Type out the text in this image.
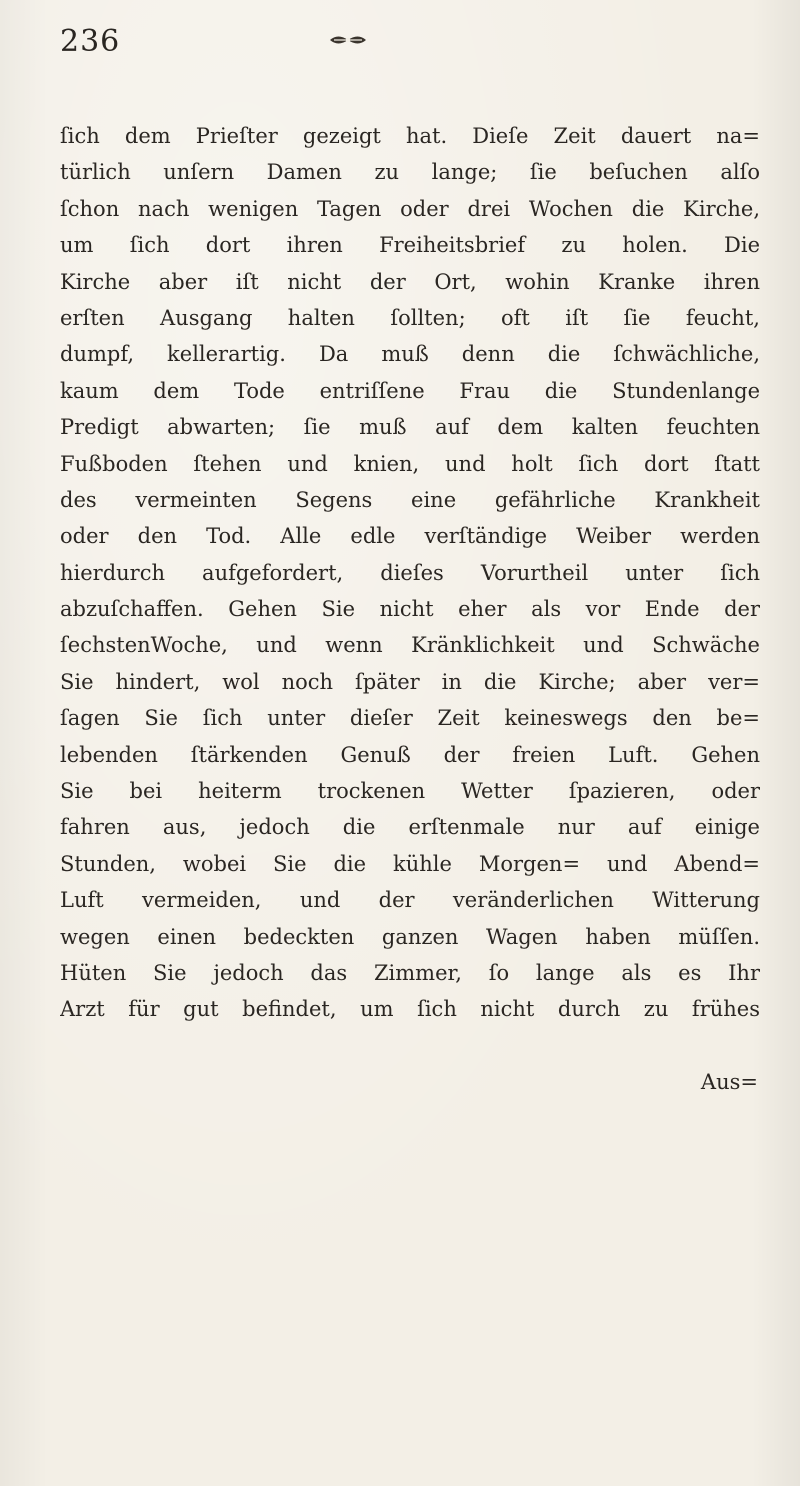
236
ſich dem Prieſter gezeigt hat. Dieſe Zeit dauert na=
türlich unſern Damen zu lange; ſie beſuchen alſo
ſchon nach wenigen Tagen oder drei Wochen die Kirche,
um ſich dort ihren Freiheitsbrief zu holen. Die
Kirche aber iſt nicht der Ort, wohin Kranke ihren
erſten Ausgang halten ſollten; oft iſt ſie feucht,
dumpf, kellerartig. Da muß denn die ſchwächliche,
kaum dem Tode entriſſene Frau die Stundenlange
Predigt abwarten; ſie muß auf dem kalten feuchten
Fußboden ſtehen und knien, und holt ſich dort ſtatt
des vermeinten Segens eine gefährliche Krankheit
oder den Tod. Alle edle verſtändige Weiber werden
hierdurch aufgefordert, dieſes Vorurtheil unter ſich
abzuſchaffen. Gehen Sie nicht eher als vor Ende der
ſechstenWoche, und wenn Kränklichkeit und Schwäche
Sie hindert, wol noch ſpäter in die Kirche; aber ver=
ſagen Sie ſich unter dieſer Zeit keineswegs den be=
lebenden ſtärkenden Genuß der freien Luft. Gehen
Sie bei heiterm trockenen Wetter ſpazieren, oder
fahren aus, jedoch die erſtenmale nur auf einige
Stunden, wobei Sie die kühle Morgen= und Abend=
Luft vermeiden, und der veränderlichen Witterung
wegen einen bedeckten ganzen Wagen haben müſſen.
Hüten Sie jedoch das Zimmer, ſo lange als es Ihr
Arzt für gut befindet, um ſich nicht durch zu frühes
Aus=
